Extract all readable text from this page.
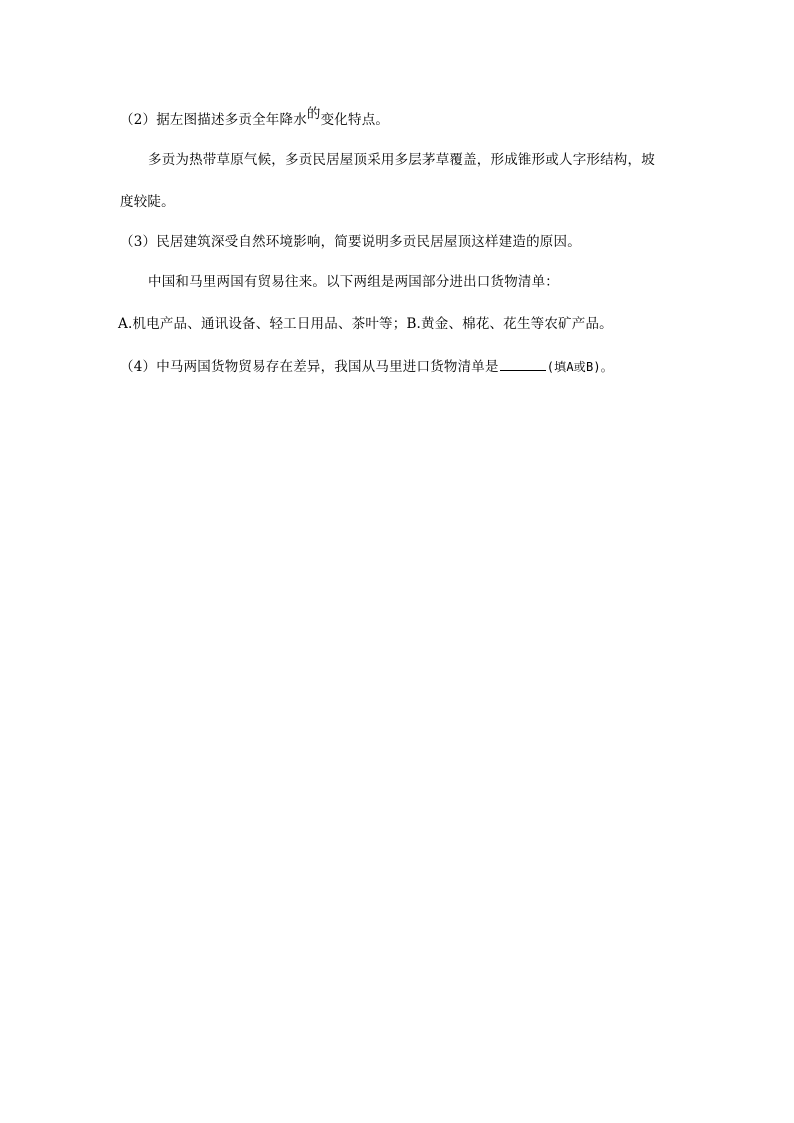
（2）据左图描述多贡全年降水的变化特点。
多贡为热带草原气候，多贡民居屋顶采用多层茅草覆盖，形成锥形或人字形结构，坡
度较陡。
（3）民居建筑深受自然环境影响，简要说明多贡民居屋顶这样建造的原因。
中国和马里两国有贸易往来。以下两组是两国部分进出口货物清单：
A.机电产品、通讯设备、轻工日用品、茶叶等；B.黄金、棉花、花生等农矿产品。
（4）中马两国货物贸易存在差异，我国从马里进口货物清单是	(填A或B)。
